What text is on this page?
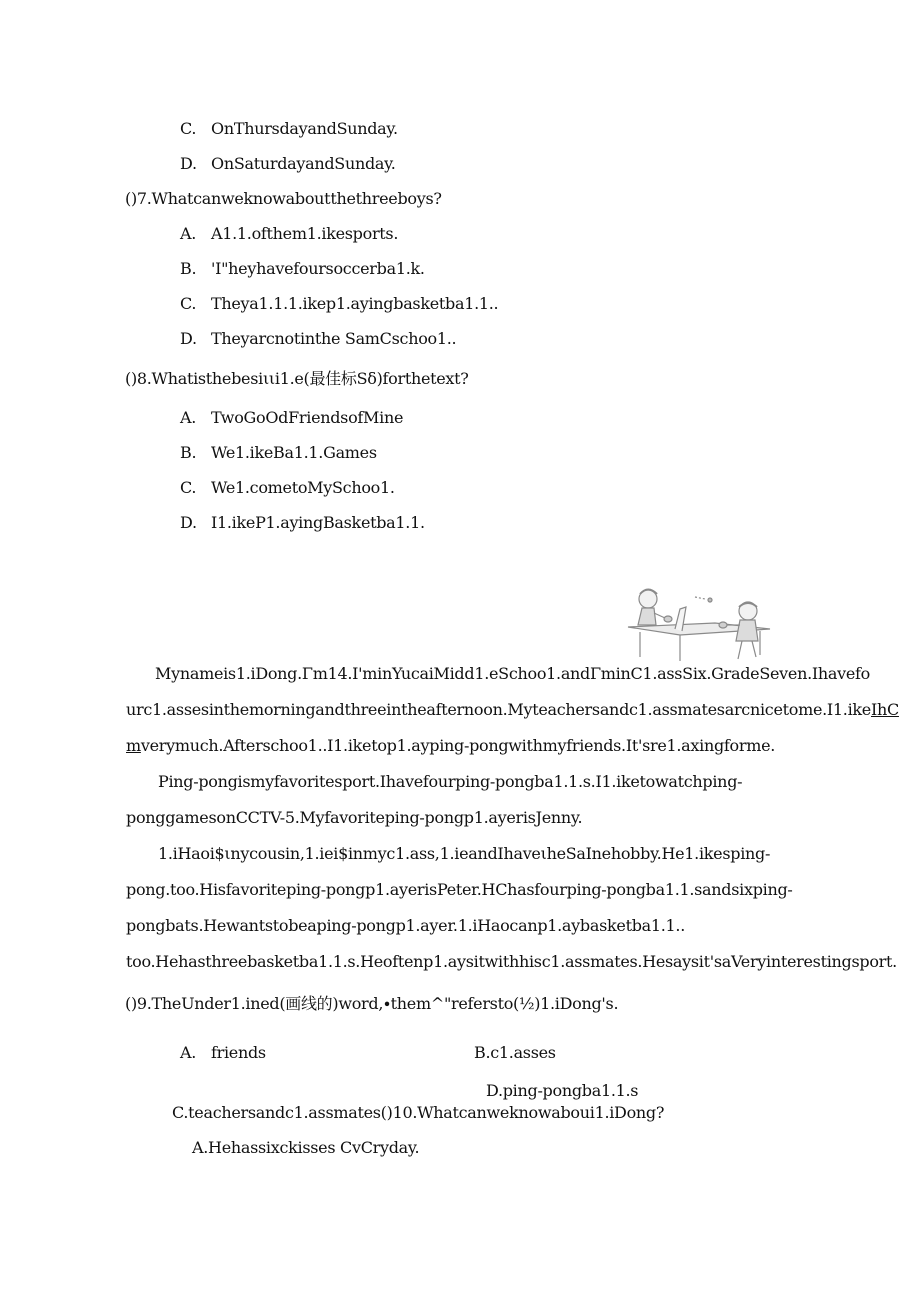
C. OnThursdayandSunday.
D. OnSaturdayandSunday.
()7.Whatcanweknowaboutthethreeboys?
A. A1.1.ofthem1.ikesports.
B. 'I"heyhavefoursoccerba1.k.
C. Theya1.1.1.ikep1.ayingbasketba1.1..
D. Theyarcnotinthe SamCschoo1..
()8.Whatisthebesiιιi1.e(最佳标Sδ)forthetext?
A. TwoGoOdFriendsofMine
B. We1.ikeBa1.1.Games
C. We1.cometoMySchoo1.
D. I1.ikeP1.ayingBasketba1.1.
Mynameis1.iDong.Γm14.I'minYucaiMidd1.eSchoo1.andΓminC1.assSix.GradeSeven.Ihavefo
urc1.assesinthemorningandthreeintheafternoon.Myteachersandc1.assmatesarcnicetome.I1.ikeIhC
mverymuch.Afterschoo1..I1.iketop1.ayping-pongwithmyfriends.It'sre1.axingforme.
Ping-pongismyfavoritesport.Ihavefourping-pongba1.1.s.I1.iketowatchping-
ponggamesonCCTV-5.Myfavoriteping-pongp1.ayerisJenny.
1.iHaoi$ιnycousin,1.iei$inmyc1.ass,1.ieandIhaveιheSaInehobby.He1.ikesping-
pong.too.Hisfavoriteping-pongp1.ayerisPeter.HChasfourping-pongba1.1.sandsixping-
pongbats.Hewantstobeaping-pongp1.ayer.1.iHaocanp1.aybasketba1.1..
too.Hehasthreebasketba1.1.s.Heoftenp1.aysitwithhisc1.assmates.Hesaysit'saVeryinterestingsport.
()9.TheUnder1.ined(画线的)word,∙them^"refersto(½)1.iDong's.
A. friends	B.c1.asses
D.ping-pongba1.1.s
C.teachersandc1.assmates()10.Whatcanweknowaboui1.iDong?
A.Hehassixckisses CvCryday.
